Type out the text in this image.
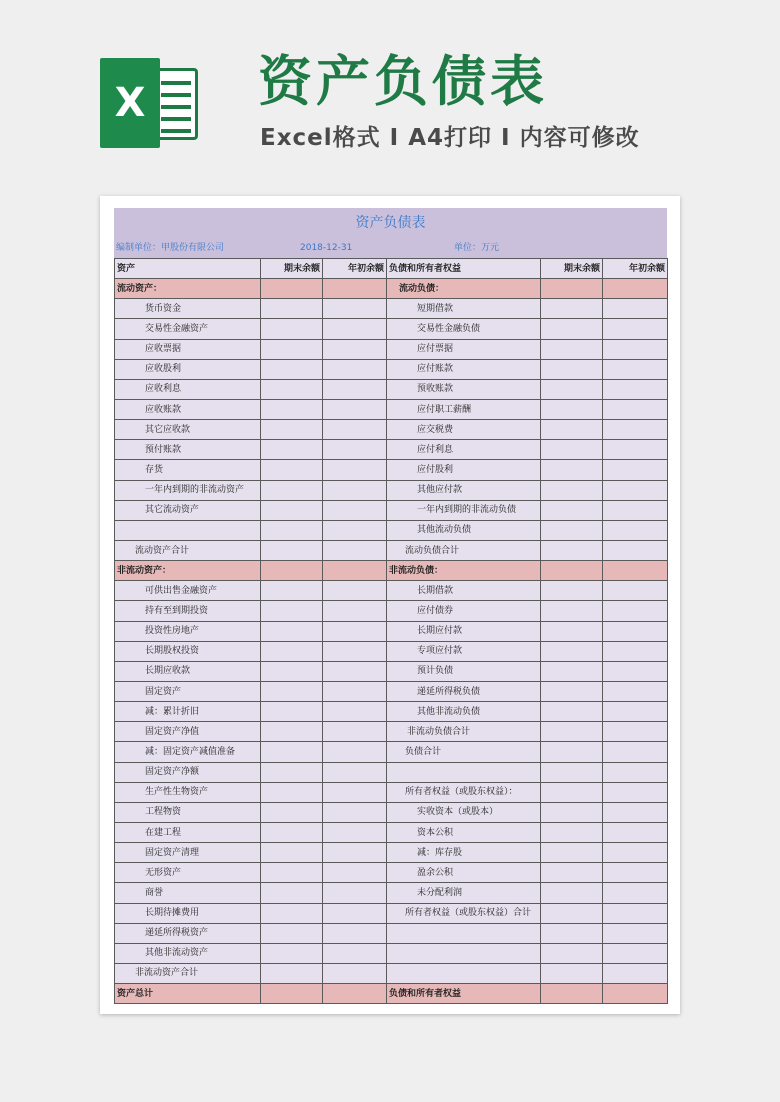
X 资产负债表
Excel格式 I A4打印 I 内容可修改
资产负债表
编制单位：甲股份有限公司	2018-12-31	单位：万元
资产	期末余额	年初余额	负债和所有者权益	期末余额	年初余额
流动资产：			流动负债：		
货币资金			短期借款		
交易性金融资产			交易性金融负债		
应收票据			应付票据		
应收股利			应付账款		
应收利息			预收账款		
应收账款			应付职工薪酬		
其它应收款			应交税费		
预付账款			应付利息		
存货			应付股利		
一年内到期的非流动资产			其他应付款		
其它流动资产			一年内到期的非流动负债		
			其他流动负债		
流动资产合计			流动负债合计		
非流动资产：			非流动负债：		
可供出售金融资产			长期借款		
持有至到期投资			应付债券		
投资性房地产			长期应付款		
长期股权投资			专项应付款		
长期应收款			预计负债		
固定资产			递延所得税负债		
减：累计折旧			其他非流动负债		
固定资产净值			非流动负债合计		
减：固定资产减值准备			负债合计		
固定资产净额					
生产性生物资产			所有者权益（或股东权益）：		
工程物资			实收资本（或股本）		
在建工程			资本公积		
固定资产清理			减：库存股		
无形资产			盈余公积		
商誉			未分配利润		
长期待摊费用			所有者权益（或股东权益）合计		
递延所得税资产					
其他非流动资产					
非流动资产合计					
资产总计			负债和所有者权益		
